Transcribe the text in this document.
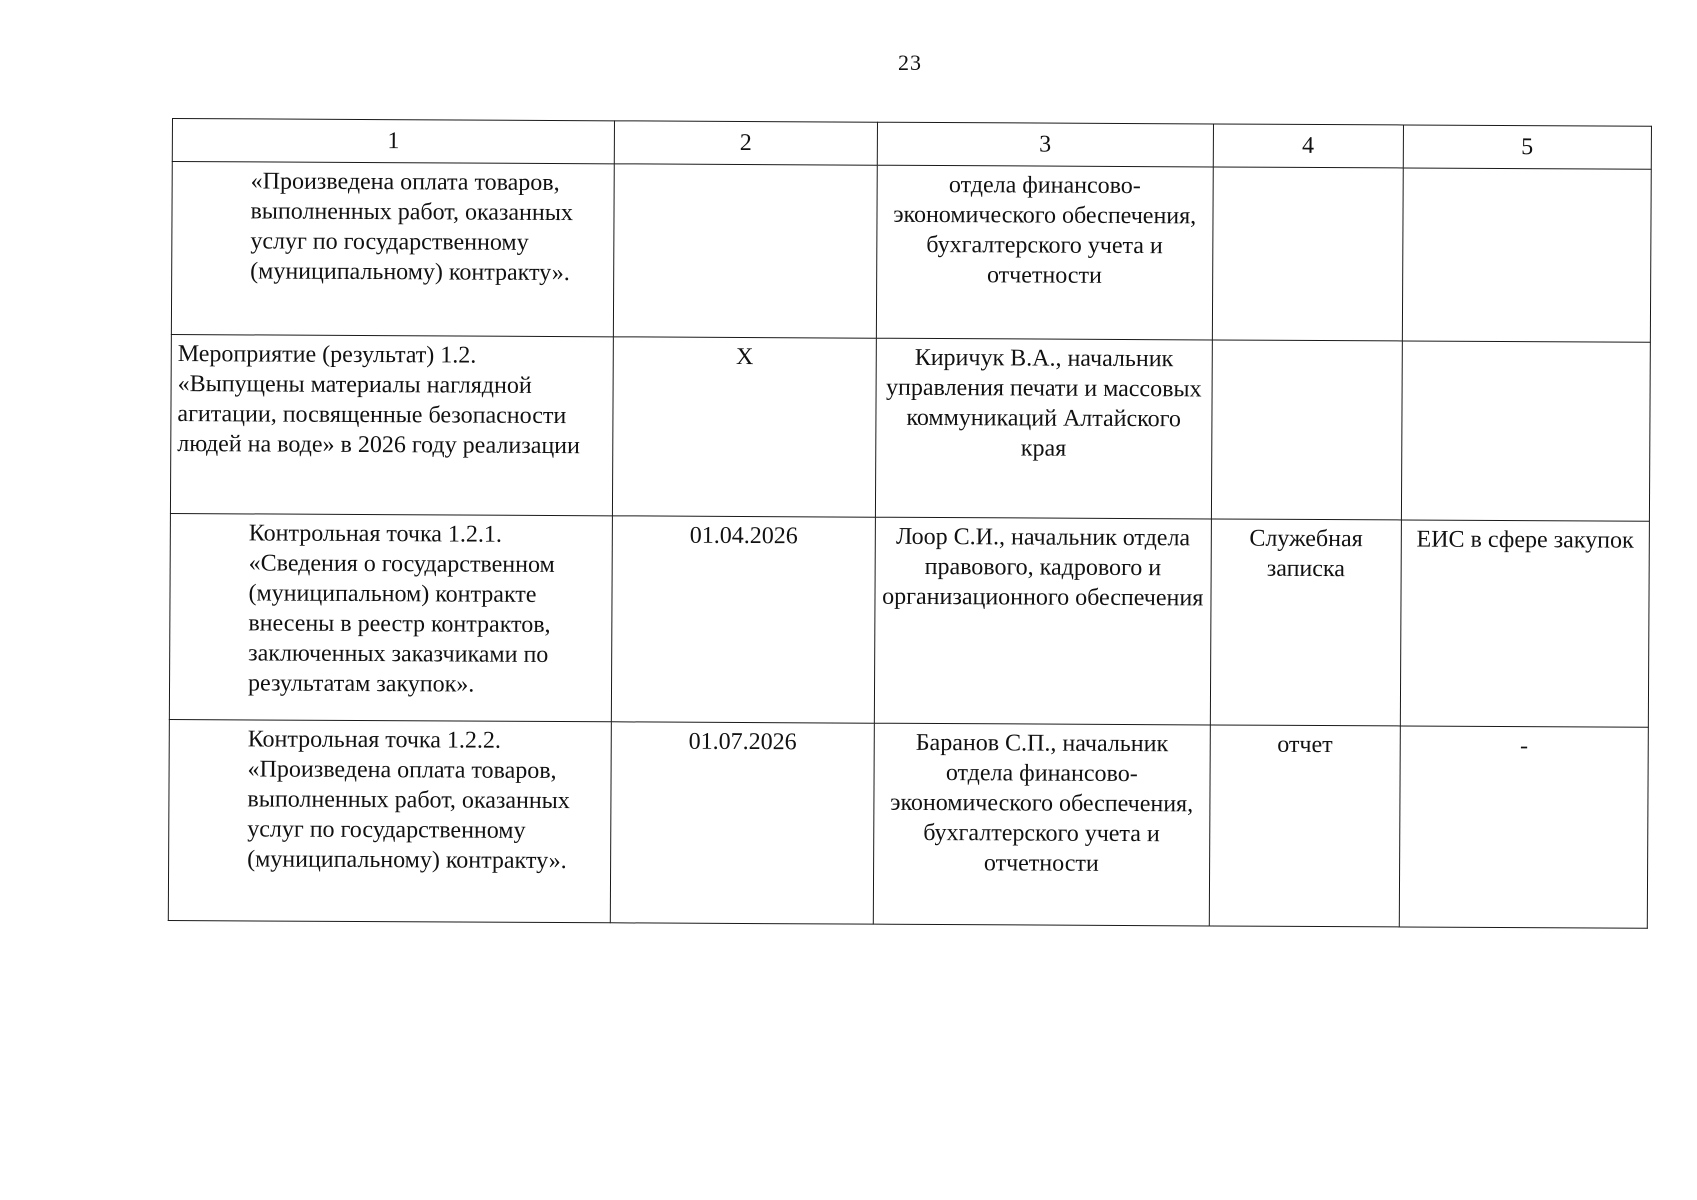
23
1	2	3	4	5
«Произведена оплата товаров, выполненных работ, оказанных услуг по государственному (муниципальному) контракту».		отдела финансово-экономического обеспечения, бухгалтерского учета и отчетности		
Мероприятие (результат) 1.2. «Выпущены материалы наглядной агитации, посвященные безопасности людей на воде» в 2026 году реализации	Х	Киричук В.А., начальник управления печати и массовых коммуникаций Алтайского края		
Контрольная точка 1.2.1. «Сведения о государственном (муниципальном) контракте внесены в реестр контрактов, заключенных заказчиками по результатам закупок».	01.04.2026	Лоор С.И., начальник отдела правового, кадрового и организационного обеспечения	Служебная записка	ЕИС в сфере закупок
Контрольная точка 1.2.2. «Произведена оплата товаров, выполненных работ, оказанных услуг по государственному (муниципальному) контракту».	01.07.2026	Баранов С.П., начальник отдела финансово-экономического обеспечения, бухгалтерского учета и отчетности	отчет	-
